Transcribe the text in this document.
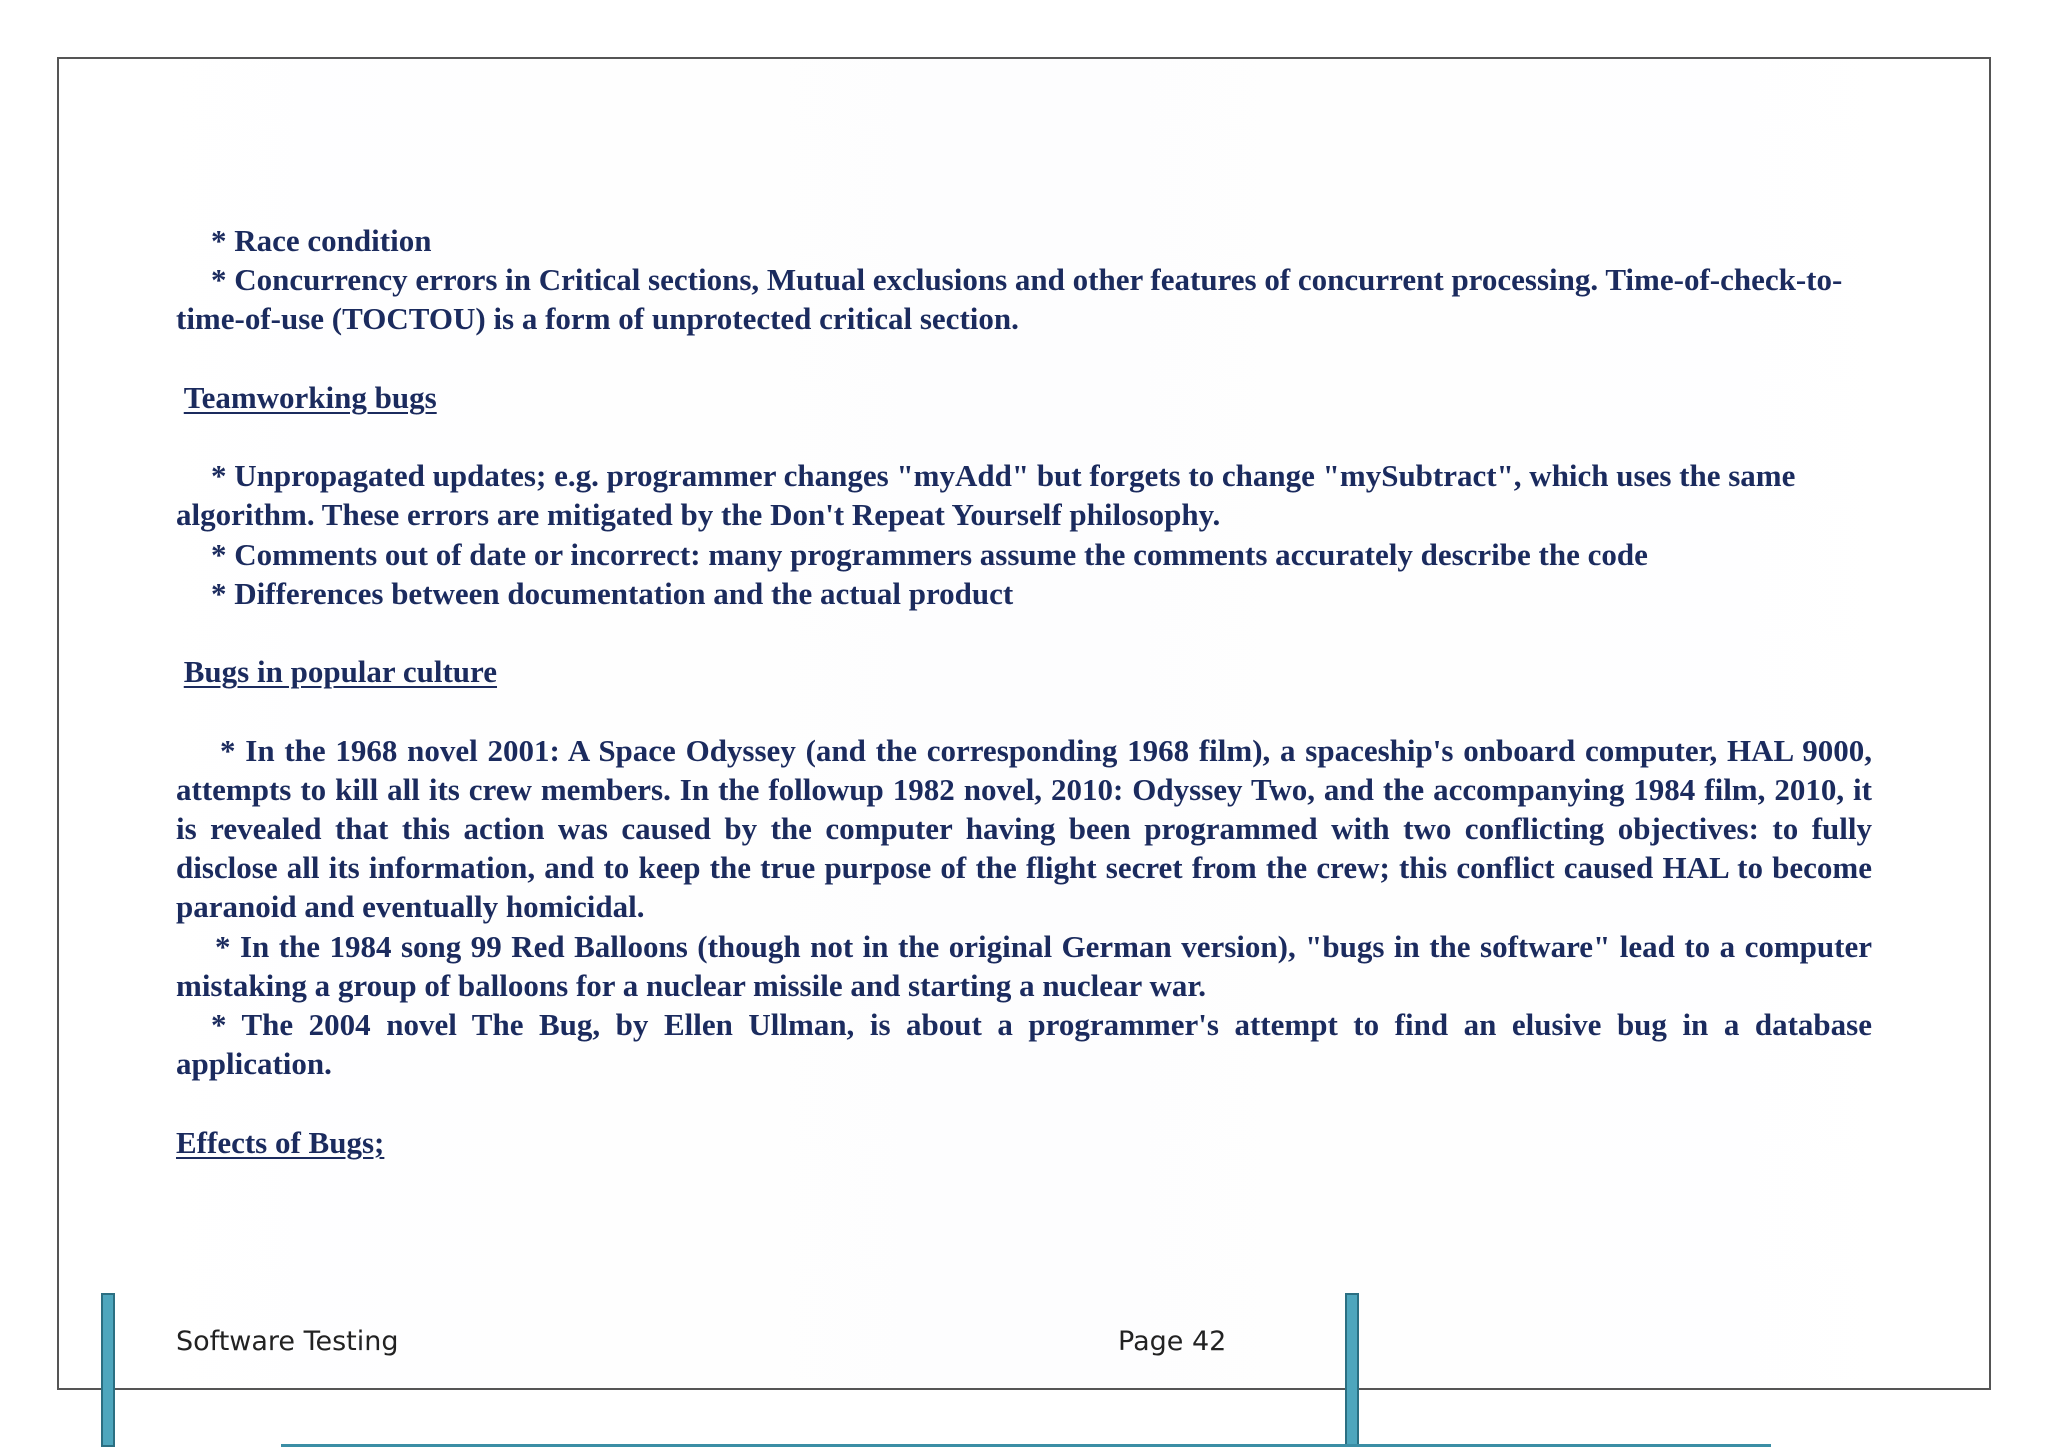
* Race condition

* Concurrency errors in Critical sections, Mutual exclusions and other features of concurrent processing. Time-of-check-to-time-of-use (TOCTOU) is a form of unprotected critical section.

Teamworking bugs

* Unpropagated updates; e.g. programmer changes "myAdd" but forgets to change "mySubtract", which uses the same algorithm. These errors are mitigated by the Don't Repeat Yourself philosophy.

* Comments out of date or incorrect: many programmers assume the comments accurately describe the code

* Differences between documentation and the actual product

Bugs in popular culture

* In the 1968 novel 2001: A Space Odyssey (and the corresponding 1968 film), a spaceship's onboard computer, HAL 9000, attempts to kill all its crew members. In the followup 1982 novel, 2010: Odyssey Two, and the accompanying 1984 film, 2010, it is revealed that this action was caused by the computer having been programmed with two conflicting objectives: to fully disclose all its information, and to keep the true purpose of the flight secret from the crew; this conflict caused HAL to become paranoid and eventually homicidal.

* In the 1984 song 99 Red Balloons (though not in the original German version), "bugs in the software" lead to a computer mistaking a group of balloons for a nuclear missile and starting a nuclear war.

* The 2004 novel The Bug, by Ellen Ullman, is about a programmer's attempt to find an elusive bug in a database application.

Effects of Bugs;

Software Testing	Page 42
